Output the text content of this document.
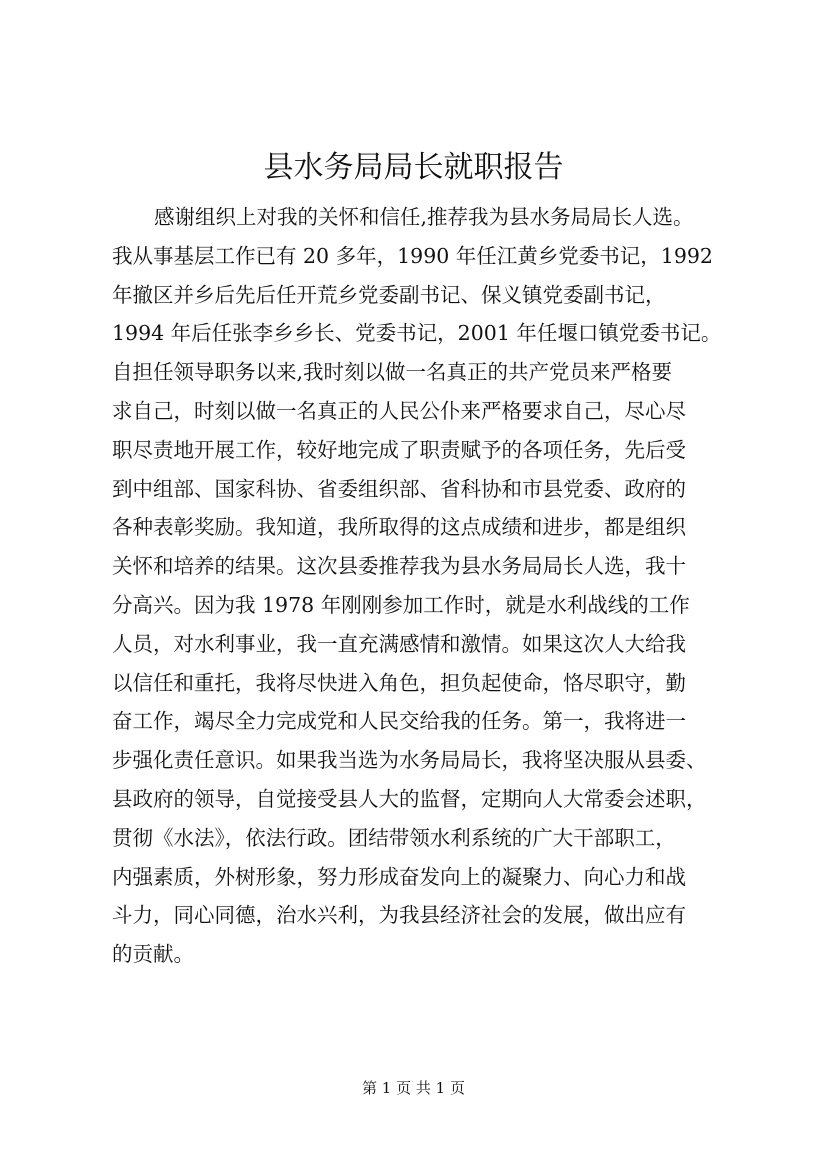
县水务局局长就职报告
感谢组织上对我的关怀和信任,推荐我为县水务局局长人选。
我从事基层工作已有 20 多年，1990 年任江黄乡党委书记，1992
年撤区并乡后先后任开荒乡党委副书记、保义镇党委副书记，
1994 年后任张李乡乡长、党委书记，2001 年任堰口镇党委书记。
自担任领导职务以来,我时刻以做一名真正的共产党员来严格要
求自己，时刻以做一名真正的人民公仆来严格要求自己，尽心尽
职尽责地开展工作，较好地完成了职责赋予的各项任务，先后受
到中组部、国家科协、省委组织部、省科协和市县党委、政府的
各种表彰奖励。我知道，我所取得的这点成绩和进步，都是组织
关怀和培养的结果。这次县委推荐我为县水务局局长人选，我十
分高兴。因为我 1978 年刚刚参加工作时，就是水利战线的工作
人员，对水利事业，我一直充满感情和激情。如果这次人大给我
以信任和重托，我将尽快进入角色，担负起使命，恪尽职守，勤
奋工作，竭尽全力完成党和人民交给我的任务。第一，我将进一
步强化责任意识。如果我当选为水务局局长，我将坚决服从县委、
县政府的领导，自觉接受县人大的监督，定期向人大常委会述职，
贯彻《水法》，依法行政。团结带领水利系统的广大干部职工，
内强素质，外树形象，努力形成奋发向上的凝聚力、向心力和战
斗力，同心同德，治水兴利，为我县经济社会的发展，做出应有
的贡献。
第 1 页 共 1 页
